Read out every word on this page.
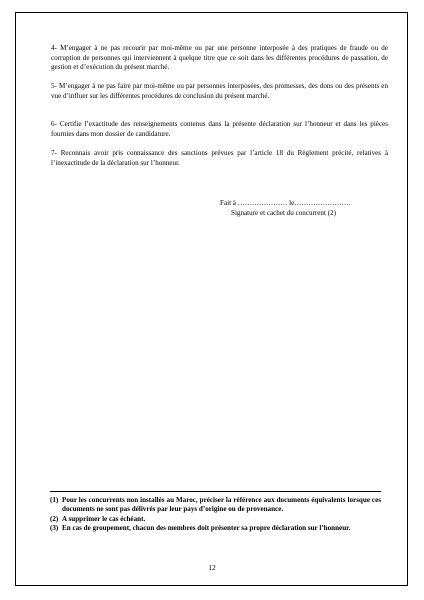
4- M’engager à ne pas recourir par moi-même ou par une personne interposée à des pratiques de fraude ou de corruption de personnes qui interviennent à quelque titre que ce soit dans les différentes procédures de passation, de gestion et d’exécution du présent marché.

5- M’engager à ne pas faire par moi-même ou par personnes interposées, des promesses, des dons ou des présents en vue d’influer sur les différentes procédures de conclusion du présent marché.

6- Certifie l’exactitude des renseignements contenus dans la présente déclaration sur l’honneur et dans les pièces fournies dans mon dossier de candidature.

7- Reconnais avoir pris connaissance des sanctions prévues par l’article 18 du Règlement précité, relatives à l’inexactitude de la déclaration sur l’honneur.

Fait à ………………… le……………………
Signature et cachet du concurrent (2)

(1) Pour les concurrents non installés au Maroc, préciser la référence aux documents équivalents lorsque ces documents ne sont pas délivrés par leur pays d’origine ou de provenance.

(2) A supprimer le cas échéant.

(3) En cas de groupement, chacun des membres doit présenter sa propre déclaration sur l’honneur.

12
